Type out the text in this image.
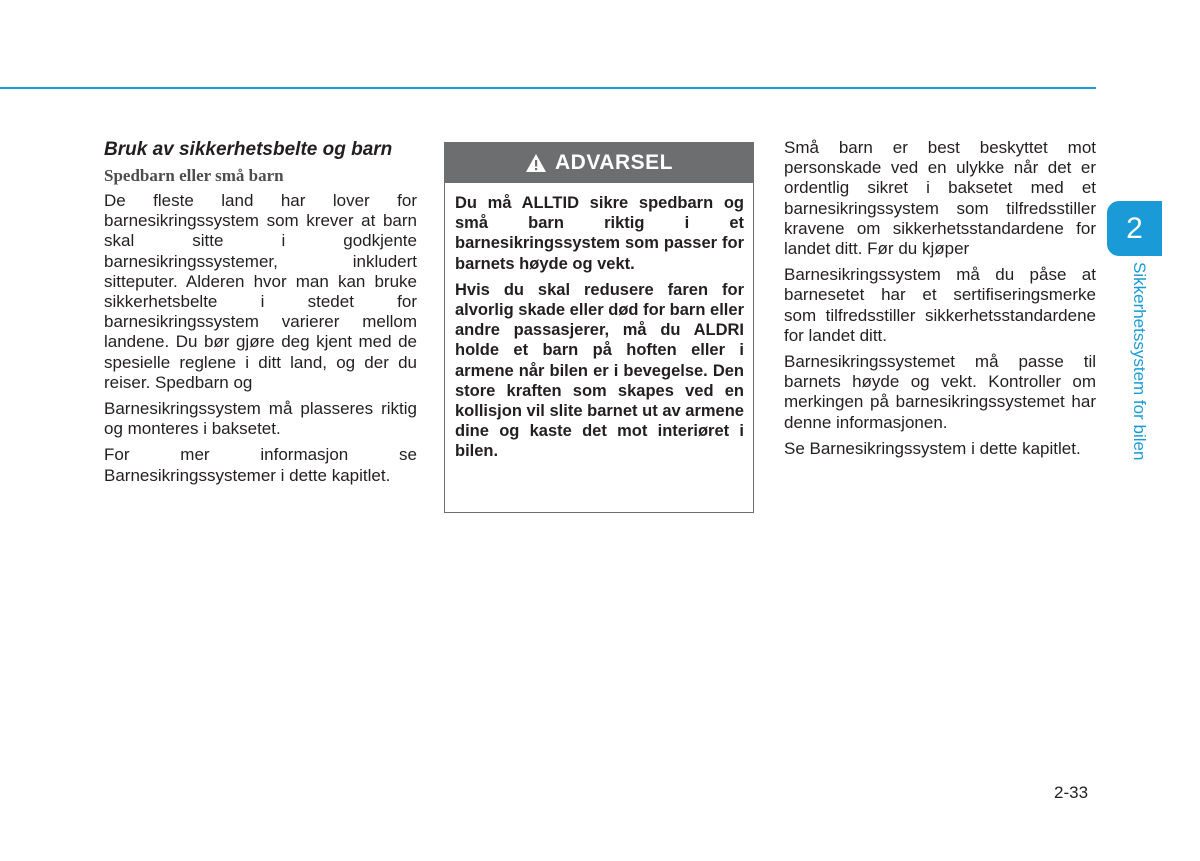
Bruk av sikkerhetsbelte og barn
Spedbarn eller små barn

De fleste land har lover for barnesikringssystem som krever at barn skal sitte i godkjente barnesikringssystemer, inkludert sitteputer. Alderen hvor man kan bruke sikkerhetsbelte i stedet for barnesikringssystem varierer mellom landene. Du bør gjøre deg kjent med de spesielle reglene i ditt land, og der du reiser. Spedbarn og

Barnesikringssystem må plasseres riktig og monteres i baksetet.

For mer informasjon se Barnesikringssystemer i dette kapitlet.

ADVARSEL

Du må ALLTID sikre spedbarn og små barn riktig i et barnesikringssystem som passer for barnets høyde og vekt.

Hvis du skal redusere faren for alvorlig skade eller død for barn eller andre passasjerer, må du ALDRI holde et barn på hoften eller i armene når bilen er i bevegelse. Den store kraften som skapes ved en kollisjon vil slite barnet ut av armene dine og kaste det mot interiøret i bilen.

Små barn er best beskyttet mot personskade ved en ulykke når det er ordentlig sikret i baksetet med et barnesikringssystem som tilfredsstiller kravene om sikkerhetsstandardene for landet ditt. Før du kjøper

Barnesikringssystem må du påse at barnesetet har et sertifiseringsmerke som tilfredsstiller sikkerhetsstandardene for landet ditt.

Barnesikringssystemet må passe til barnets høyde og vekt. Kontroller om merkingen på barnesikringssystemet har denne informasjonen.

Se Barnesikringssystem i dette kapitlet.

2
Sikkerhetssystem for bilen
2-33
